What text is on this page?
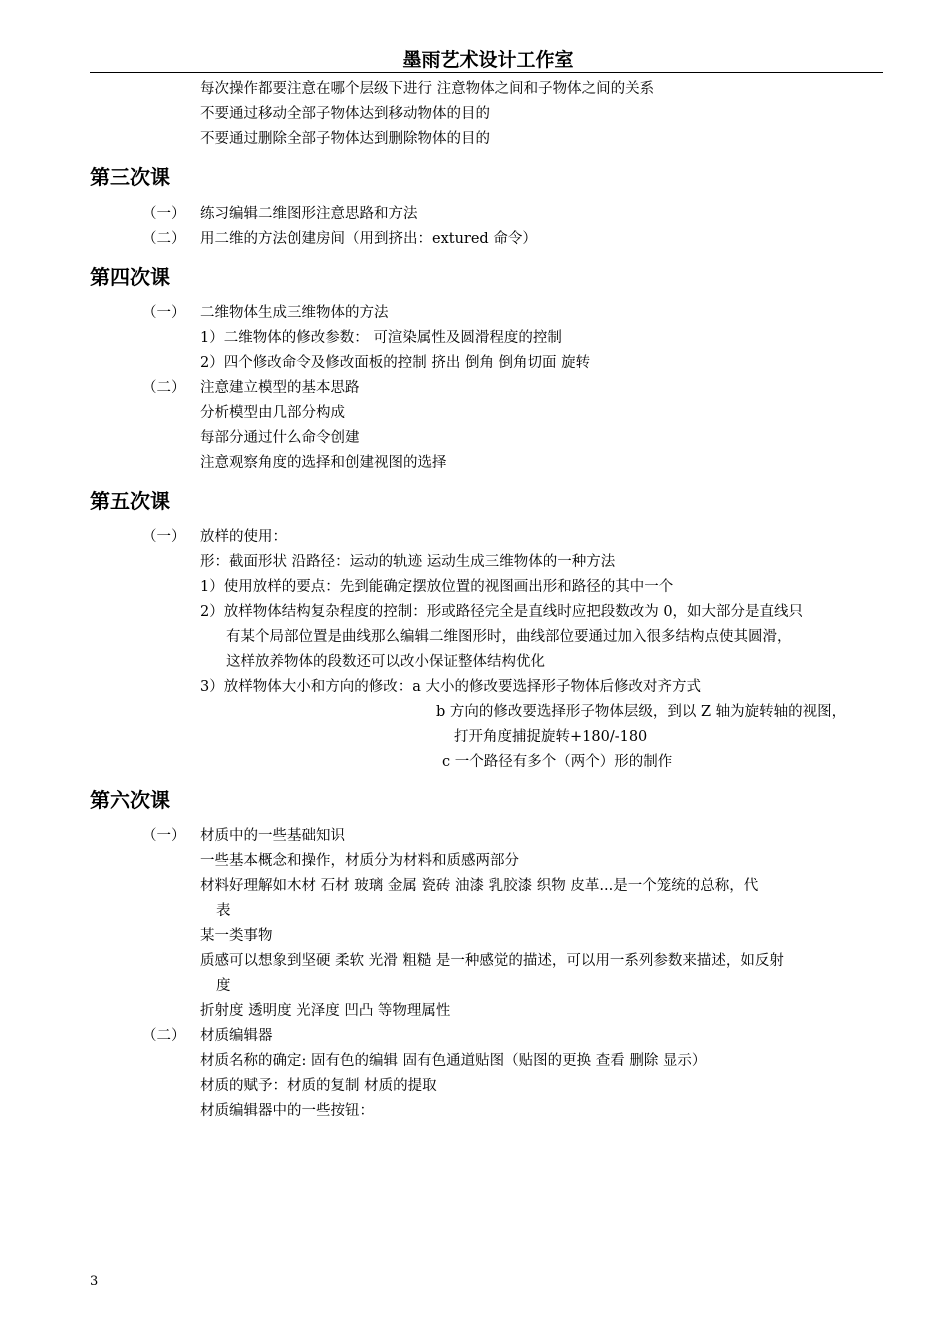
墨雨艺术设计工作室
每次操作都要注意在哪个层级下进行 注意物体之间和子物体之间的关系
不要通过移动全部子物体达到移动物体的目的
不要通过删除全部子物体达到删除物体的目的
第三次课
（一） 练习编辑二维图形注意思路和方法
（二） 用二维的方法创建房间（用到挤出：extured 命令）
第四次课
（一） 二维物体生成三维物体的方法
1）二维物体的修改参数： 可渲染属性及圆滑程度的控制
2）四个修改命令及修改面板的控制 挤出 倒角 倒角切面 旋转
（二） 注意建立模型的基本思路
分析模型由几部分构成
每部分通过什么命令创建
注意观察角度的选择和创建视图的选择
第五次课
（一） 放样的使用：
形：截面形状 沿路径：运动的轨迹 运动生成三维物体的一种方法
1）使用放样的要点：先到能确定摆放位置的视图画出形和路径的其中一个
2）放样物体结构复杂程度的控制：形或路径完全是直线时应把段数改为 0，如大部分是直线只
有某个局部位置是曲线那么编辑二维图形时，曲线部位要通过加入很多结构点使其圆滑，
这样放养物体的段数还可以改小保证整体结构优化
3）放样物体大小和方向的修改：a 大小的修改要选择形子物体后修改对齐方式
b 方向的修改要选择形子物体层级，到以 Z 轴为旋转轴的视图，
打开角度捕捉旋转+180/-180
c 一个路径有多个（两个）形的制作
第六次课
（一） 材质中的一些基础知识
一些基本概念和操作，材质分为材料和质感两部分
材料好理解如木材 石材 玻璃 金属 瓷砖 油漆 乳胶漆 织物 皮革...是一个笼统的总称，代
表
某一类事物
质感可以想象到坚硬 柔软 光滑 粗糙 是一种感觉的描述，可以用一系列参数来描述，如反射
度
折射度 透明度 光泽度 凹凸 等物理属性
（二） 材质编辑器
材质名称的确定: 固有色的编辑 固有色通道贴图（贴图的更换 查看 删除 显示）
材质的赋予：材质的复制 材质的提取
材质编辑器中的一些按钮：
3
